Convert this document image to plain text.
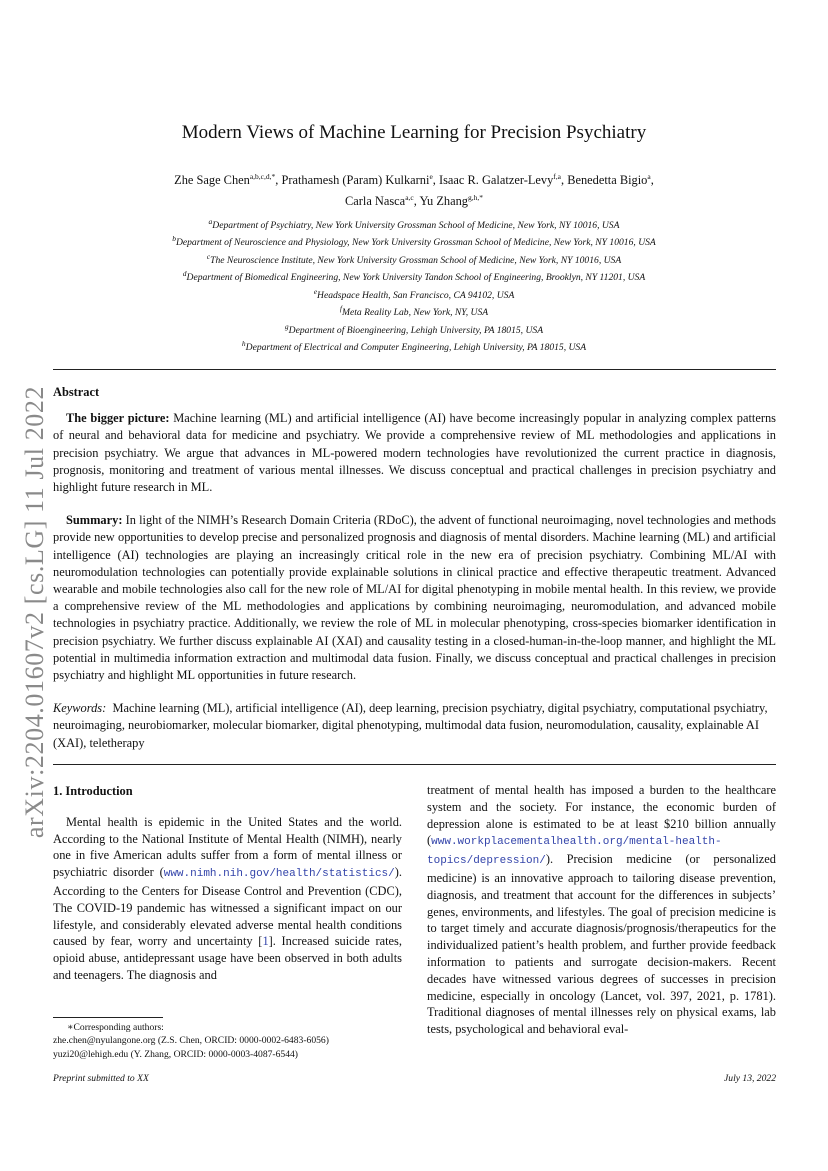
arXiv:2204.01607v2 [cs.LG] 11 Jul 2022
Modern Views of Machine Learning for Precision Psychiatry
Zhe Sage Chen$^{a,b,c,d,*}$, Prathamesh (Param) Kulkarni$^e$, Isaac R. Galatzer-Levy$^{f,a}$, Benedetta Bigio$^a$,
Carla Nasca$^{a,c}$, Yu Zhang$^{g,h,*}$
$^a$Department of Psychiatry, New York University Grossman School of Medicine, New York, NY 10016, USA
$^b$Department of Neuroscience and Physiology, New York University Grossman School of Medicine, New York, NY 10016, USA
$^c$The Neuroscience Institute, New York University Grossman School of Medicine, New York, NY 10016, USA
$^d$Department of Biomedical Engineering, New York University Tandon School of Engineering, Brooklyn, NY 11201, USA
$^e$Headspace Health, San Francisco, CA 94102, USA
$^f$Meta Reality Lab, New York, NY, USA
$^g$Department of Bioengineering, Lehigh University, PA 18015, USA
$^h$Department of Electrical and Computer Engineering, Lehigh University, PA 18015, USA
Abstract

The bigger picture: Machine learning (ML) and artificial intelligence (AI) have become increasingly popular in analyzing complex patterns of neural and behavioral data for medicine and psychiatry. We provide a comprehensive review of ML methodologies and applications in precision psychiatry. We argue that advances in ML-powered modern technologies have revolutionized the current practice in diagnosis, prognosis, monitoring and treatment of various mental illnesses. We discuss conceptual and practical challenges in precision psychiatry and highlight future research in ML.

Summary: In light of the NIMH’s Research Domain Criteria (RDoC), the advent of functional neuroimaging, novel technologies and methods provide new opportunities to develop precise and personalized prognosis and diagnosis of mental disorders. Machine learning (ML) and artificial intelligence (AI) technologies are playing an increasingly critical role in the new era of precision psychiatry. Combining ML/AI with neuromodulation technologies can potentially provide explainable solutions in clinical practice and effective therapeutic treatment. Advanced wearable and mobile technologies also call for the new role of ML/AI for digital phenotyping in mobile mental health. In this review, we provide a comprehensive review of the ML methodologies and applications by combining neuroimaging, neuromodulation, and advanced mobile technologies in psychiatry practice. Additionally, we review the role of ML in molecular phenotyping, cross-species biomarker identification in precision psychiatry. We further discuss explainable AI (XAI) and causality testing in a closed-human-in-the-loop manner, and highlight the ML potential in multimedia information extraction and multimodal data fusion. Finally, we discuss conceptual and practical challenges in precision psychiatry and highlight ML opportunities in future research.

Keywords: Machine learning (ML), artificial intelligence (AI), deep learning, precision psychiatry, digital psychiatry, computational psychiatry, neuroimaging, neurobiomarker, molecular biomarker, digital phenotyping, multimodal data fusion, neuromodulation, causality, explainable AI (XAI), teletherapy

1. Introduction

Mental health is epidemic in the United States and the world. According to the National Institute of Mental Health (NIMH), nearly one in five American adults suffer from a form of mental illness or psychiatric disorder (www.nimh.nih.gov/health/statistics/). According to the Centers for Disease Control and Prevention (CDC), The COVID-19 pandemic has witnessed a significant impact on our lifestyle, and considerably elevated adverse mental health conditions caused by fear, worry and uncertainty [1]. Increased suicide rates, opioid abuse, antidepressant usage have been observed in both adults and teenagers. The diagnosis and

treatment of mental health has imposed a burden to the healthcare system and the society. For instance, the economic burden of depression alone is estimated to be at least $210 billion annually (www.workplacementalhealth.org/mental-health-topics/depression/). Precision medicine (or personalized medicine) is an innovative approach to tailoring disease prevention, diagnosis, and treatment that account for the differences in subjects’ genes, environments, and lifestyles. The goal of precision medicine is to target timely and accurate diagnosis/prognosis/therapeutics for the individualized patient’s health problem, and further provide feedback information to patients and surrogate decision-makers. Recent decades have witnessed various degrees of successes in precision medicine, especially in oncology (Lancet, vol. 397, 2021, p. 1781). Traditional diagnoses of mental illnesses rely on physical exams, lab tests, psychological and behavioral eval-

∗Corresponding authors:
zhe.chen@nyulangone.org (Z.S. Chen, ORCID: 0000-0002-6483-6056)
yuzi20@lehigh.edu (Y. Zhang, ORCID: 0000-0003-4087-6544)
Preprint submitted to XX	July 13, 2022
